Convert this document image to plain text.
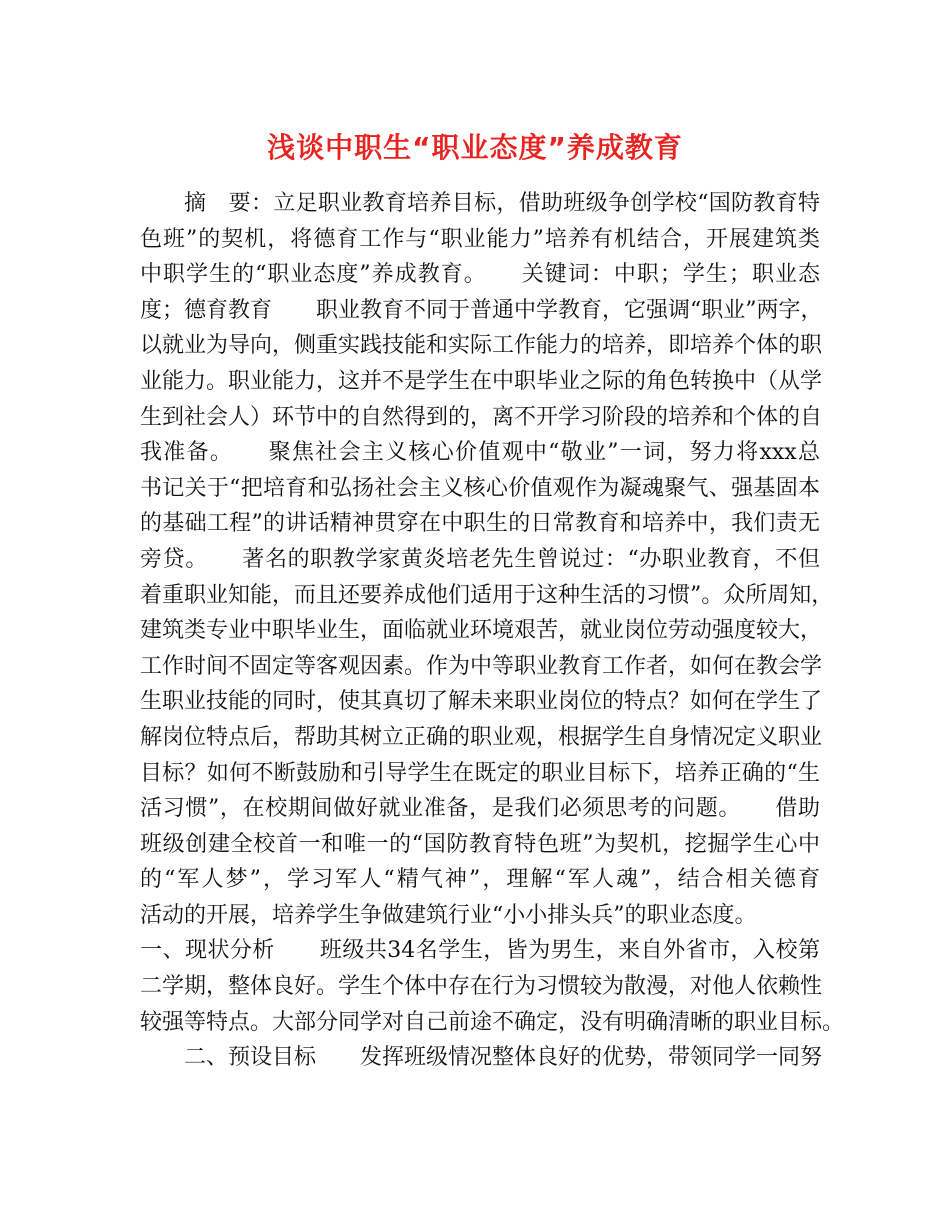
浅谈中职生“职业态度”养成教育
摘　要：立足职业教育培养目标，借助班级争创学校“国防教育特
色班”的契机，将德育工作与“职业能力”培养有机结合，开展建筑类
中职学生的“职业态度”养成教育。　　关键词：中职；学生；职业态
度；德育教育　　职业教育不同于普通中学教育，它强调“职业”两字，
以就业为导向，侧重实践技能和实际工作能力的培养，即培养个体的职
业能力。职业能力，这并不是学生在中职毕业之际的角色转换中（从学
生到社会人）环节中的自然得到的，离不开学习阶段的培养和个体的自
我准备。　　聚焦社会主义核心价值观中“敬业”一词，努力将xxx总
书记关于“把培育和弘扬社会主义核心价值观作为凝魂聚气、强基固本
的基础工程”的讲话精神贯穿在中职生的日常教育和培养中，我们责无
旁贷。　　著名的职教学家黄炎培老先生曾说过：“办职业教育，不但
着重职业知能，而且还要养成他们适用于这种生活的习惯”。众所周知，
建筑类专业中职毕业生，面临就业环境艰苦，就业岗位劳动强度较大，
工作时间不固定等客观因素。作为中等职业教育工作者，如何在教会学
生职业技能的同时，使其真切了解未来职业岗位的特点？如何在学生了
解岗位特点后，帮助其树立正确的职业观，根据学生自身情况定义职业
目标？如何不断鼓励和引导学生在既定的职业目标下，培养正确的“生
活习惯”，在校期间做好就业准备，是我们必须思考的问题。　　借助
班级创建全校首一和唯一的“国防教育特色班”为契机，挖掘学生心中
的“军人梦”，学习军人“精气神”，理解“军人魂”，结合相关德育
活动的开展，培养学生争做建筑行业“小小排头兵”的职业态度。
一、现状分析　　班级共34名学生，皆为男生，来自外省市，入校第
二学期，整体良好。学生个体中存在行为习惯较为散漫，对他人依赖性
较强等特点。大部分同学对自己前途不确定，没有明确清晰的职业目标。
二、预设目标　　发挥班级情况整体良好的优势，带领同学一同努
